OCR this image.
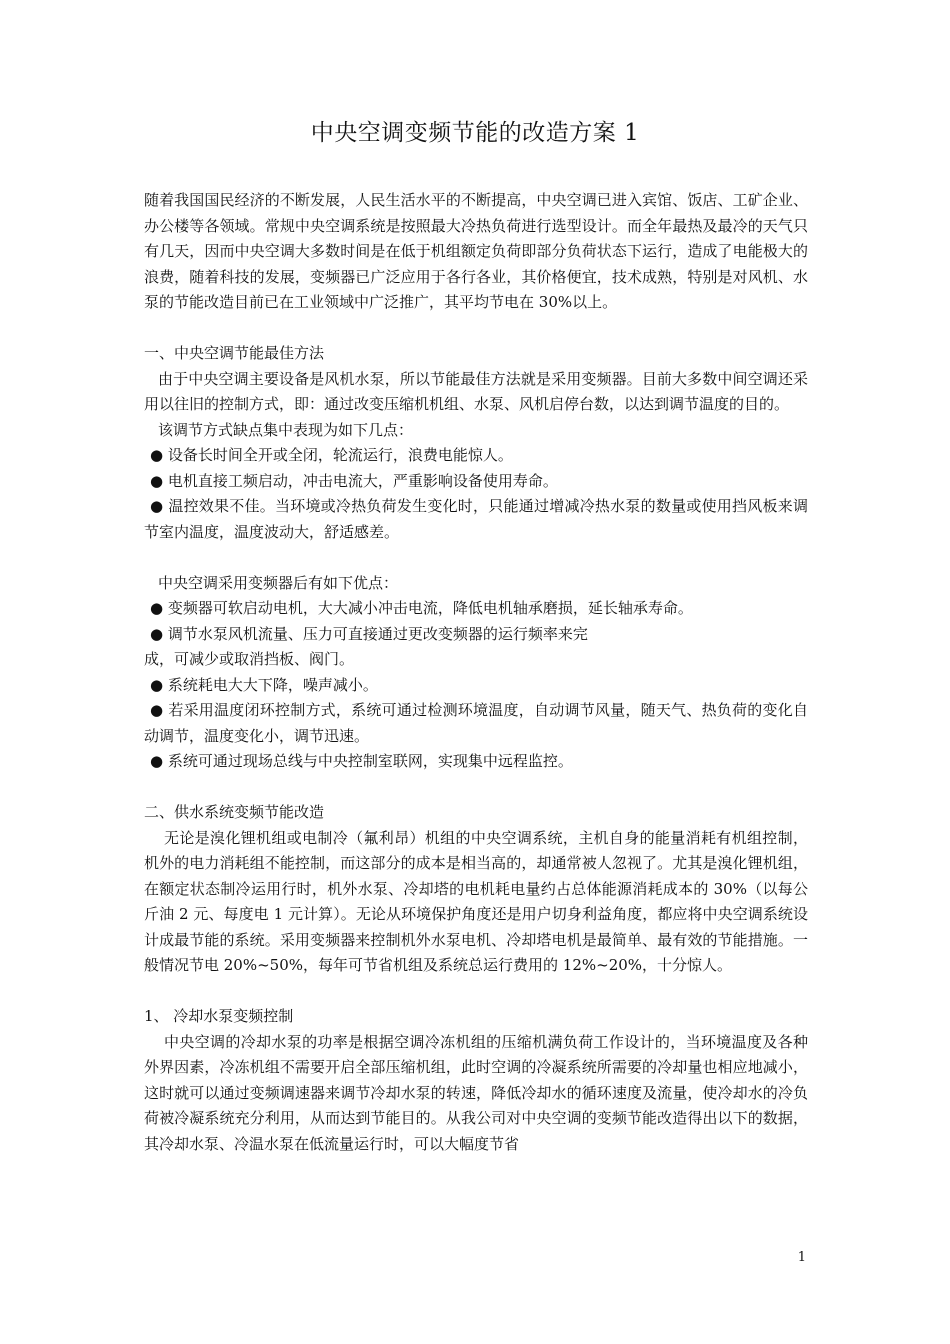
中央空调变频节能的改造方案 1

随着我国国民经济的不断发展，人民生活水平的不断提高，中央空调已进入宾馆、饭店、工矿企业、办公楼等各领域。常规中央空调系统是按照最大冷热负荷进行选型设计。而全年最热及最冷的天气只有几天，因而中央空调大多数时间是在低于机组额定负荷即部分负荷状态下运行，造成了电能极大的浪费，随着科技的发展，变频器已广泛应用于各行各业，其价格便宜，技术成熟，特别是对风机、水泵的节能改造目前已在工业领域中广泛推广，其平均节电在 30%以上。

一、中央空调节能最佳方法

由于中央空调主要设备是风机水泵，所以节能最佳方法就是采用变频器。目前大多数中间空调还采用以往旧的控制方式，即：通过改变压缩机机组、水泵、风机启停台数，以达到调节温度的目的。

该调节方式缺点集中表现为如下几点：

● 设备长时间全开或全闭，轮流运行，浪费电能惊人。

● 电机直接工频启动，冲击电流大，严重影响设备使用寿命。

● 温控效果不佳。当环境或冷热负荷发生变化时，只能通过增减冷热水泵的数量或使用挡风板来调节室内温度，温度波动大，舒适感差。

中央空调采用变频器后有如下优点：

● 变频器可软启动电机，大大减小冲击电流，降低电机轴承磨损，延长轴承寿命。

● 调节水泵风机流量、压力可直接通过更改变频器的运行频率来完

成，可减少或取消挡板、阀门。

● 系统耗电大大下降，噪声减小。

● 若采用温度闭环控制方式，系统可通过检测环境温度，自动调节风量，随天气、热负荷的变化自动调节，温度变化小，调节迅速。

● 系统可通过现场总线与中央控制室联网，实现集中远程监控。

二、供水系统变频节能改造

无论是溴化锂机组或电制冷（氟利昂）机组的中央空调系统，主机自身的能量消耗有机组控制，机外的电力消耗组不能控制，而这部分的成本是相当高的，却通常被人忽视了。尤其是溴化锂机组，在额定状态制冷运用行时，机外水泵、冷却塔的电机耗电量约占总体能源消耗成本的 30%（以每公斤油 2 元、每度电 1 元计算）。无论从环境保护角度还是用户切身利益角度，都应将中央空调系统设计成最节能的系统。采用变频器来控制机外水泵电机、冷却塔电机是最简单、最有效的节能措施。一般情况节电 20%~50%，每年可节省机组及系统总运行费用的 12%~20%，十分惊人。

1、 冷却水泵变频控制

中央空调的冷却水泵的功率是根据空调冷冻机组的压缩机满负荷工作设计的，当环境温度及各种外界因素，冷冻机组不需要开启全部压缩机组，此时空调的冷凝系统所需要的冷却量也相应地减小，这时就可以通过变频调速器来调节冷却水泵的转速，降低冷却水的循环速度及流量，使冷却水的冷负荷被冷凝系统充分利用，从而达到节能目的。从我公司对中央空调的变频节能改造得出以下的数据，其冷却水泵、冷温水泵在低流量运行时，可以大幅度节省

1
